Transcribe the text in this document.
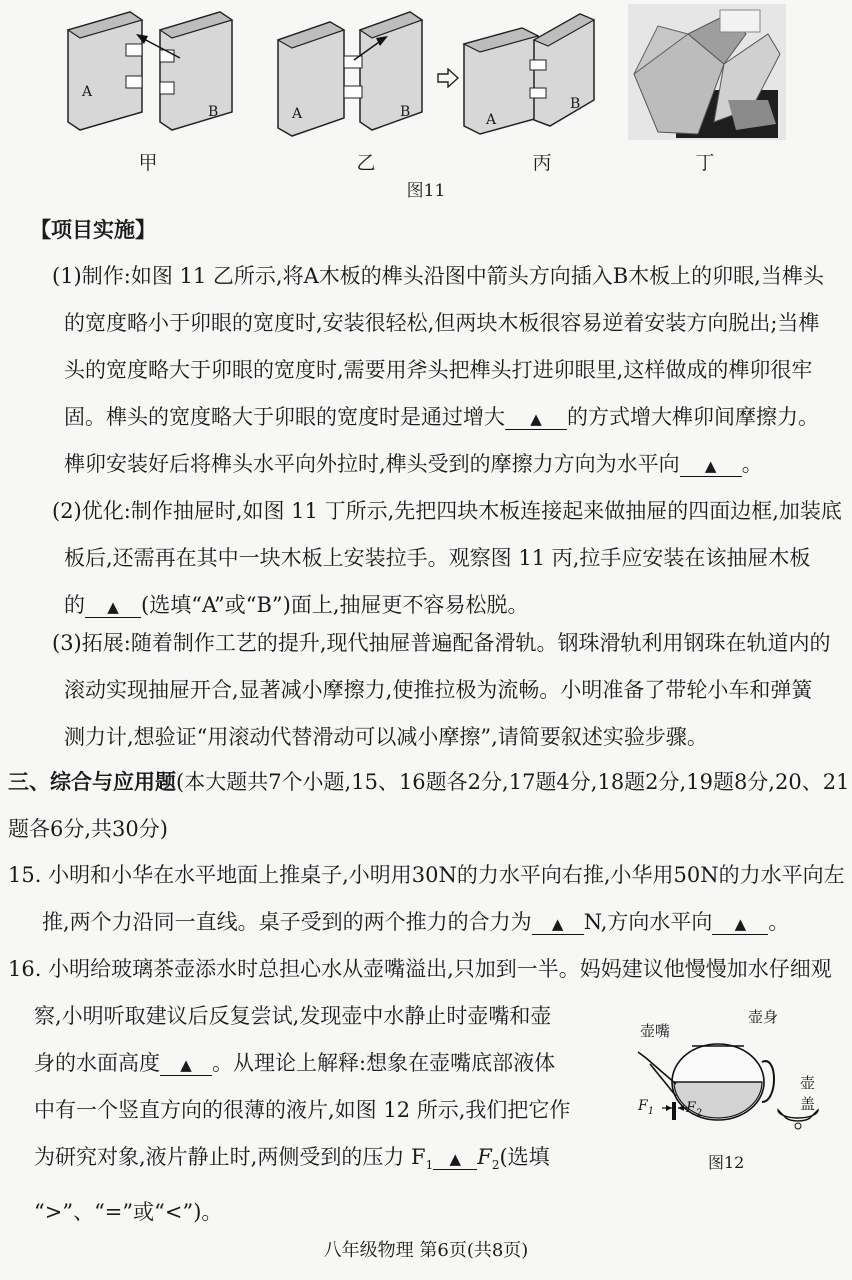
A
B
甲
A	B
乙
A
B
丙	丁
图11
【项目实施】
(1)制作:如图 11 乙所示,将A木板的榫头沿图中箭头方向插入B木板上的卯眼,当榫头
的宽度略小于卯眼的宽度时,安装很轻松,但两块木板很容易逆着安装方向脱出;当榫
头的宽度略大于卯眼的宽度时,需要用斧头把榫头打进卯眼里,这样做成的榫卯很牢
固。榫头的宽度略大于卯眼的宽度时是通过增大 ▲ 的方式增大榫卯间摩擦力。
榫卯安装好后将榫头水平向外拉时,榫头受到的摩擦力方向为水平向 ▲ 。
(2)优化:制作抽屉时,如图 11 丁所示,先把四块木板连接起来做抽屉的四面边框,加装底
板后,还需再在其中一块木板上安装拉手。观察图 11 丙,拉手应安装在该抽屉木板
的 ▲ (选填“A”或“B”)面上,抽屉更不容易松脱。
(3)拓展:随着制作工艺的提升,现代抽屉普遍配备滑轨。钢珠滑轨利用钢珠在轨道内的
滚动实现抽屉开合,显著减小摩擦力,使推拉极为流畅。小明准备了带轮小车和弹簧
测力计,想验证“用滚动代替滑动可以减小摩擦”,请简要叙述实验步骤。
三、综合与应用题(本大题共7个小题,15、16题各2分,17题4分,18题2分,19题8分,20、21
题各6分,共30分)
15. 小明和小华在水平地面上推桌子,小明用30N的力水平向右推,小华用50N的力水平向左
推,两个力沿同一直线。桌子受到的两个推力的合力为 ▲ N,方向水平向 ▲ 。
16. 小明给玻璃茶壶添水时总担心水从壶嘴溢出,只加到一半。妈妈建议他慢慢加水仔细观
察,小明听取建议后反复尝试,发现壶中水静止时壶嘴和壶
身的水面高度 ▲ 。从理论上解释:想象在壶嘴底部液体
中有一个竖直方向的很薄的液片,如图 12 所示,我们把它作
为研究对象,液片静止时,两侧受到的压力 $F_1$ ▲ $F_2$(选填
“>”、“=”或“<”)。
壶嘴
壶身
壶盖
$F_1$ $F_2$
图12
八年级物理 第6页(共8页)
